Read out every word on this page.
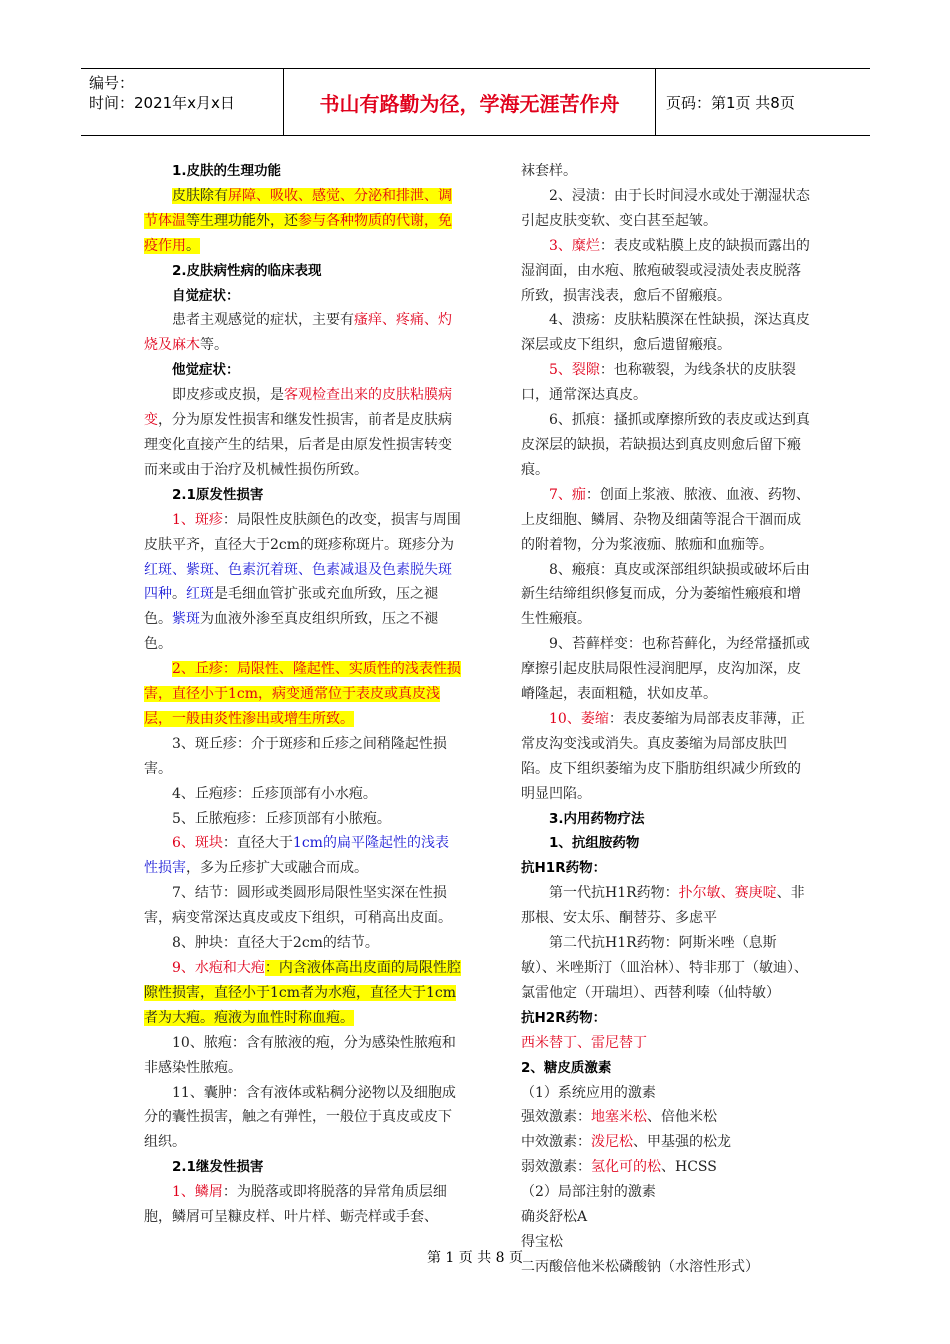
编号：
时间：2021年x月x日	书山有路勤为径，学海无涯苦作舟	页码：第1页 共8页

1.皮肤的生理功能

皮肤除有屏障、吸收、感觉、分泌和排泄、调节体温等生理功能外，还参与各种物质的代谢，免疫作用。

2.皮肤病性病的临床表现

自觉症状：

患者主观感觉的症状，主要有瘙痒、疼痛、灼烧及麻木等。

他觉症状：

即皮疹或皮损，是客观检查出来的皮肤粘膜病变，分为原发性损害和继发性损害，前者是皮肤病理变化直接产生的结果，后者是由原发性损害转变而来或由于治疗及机械性损伤所致。

2.1原发性损害

1、斑疹：局限性皮肤颜色的改变，损害与周围皮肤平齐，直径大于2cm的斑疹称斑片。斑疹分为红斑、紫斑、色素沉着斑、色素减退及色素脱失斑四种。红斑是毛细血管扩张或充血所致，压之褪色。紫斑为血液外渗至真皮组织所致，压之不褪色。

2、丘疹：局限性、隆起性、实质性的浅表性损害，直径小于1cm，病变通常位于表皮或真皮浅层，一般由炎性渗出或增生所致。

3、斑丘疹：介于斑疹和丘疹之间稍隆起性损害。

4、丘疱疹：丘疹顶部有小水疱。

5、丘脓疱疹：丘疹顶部有小脓疱。

6、斑块：直径大于1cm的扁平隆起性的浅表性损害，多为丘疹扩大或融合而成。

7、结节：圆形或类圆形局限性坚实深在性损害，病变常深达真皮或皮下组织，可稍高出皮面。

8、肿块：直径大于2cm的结节。

9、水疱和大疱：内含液体高出皮面的局限性腔隙性损害，直径小于1cm者为水疱，直径大于1cm者为大疱。疱液为血性时称血疱。

10、脓疱：含有脓液的疱，分为感染性脓疱和非感染性脓疱。

11、囊肿：含有液体或粘稠分泌物以及细胞成分的囊性损害，触之有弹性，一般位于真皮或皮下组织。

2.1继发性损害

1、鳞屑：为脱落或即将脱落的异常角质层细胞，鳞屑可呈糠皮样、叶片样、蛎壳样或手套、

袜套样。

2、浸渍：由于长时间浸水或处于潮湿状态引起皮肤变软、变白甚至起皱。

3、糜烂：表皮或粘膜上皮的缺损而露出的湿润面，由水疱、脓疱破裂或浸渍处表皮脱落所致，损害浅表，愈后不留瘢痕。

4、溃疡：皮肤粘膜深在性缺损，深达真皮深层或皮下组织，愈后遗留瘢痕。

5、裂隙：也称皲裂，为线条状的皮肤裂口，通常深达真皮。

6、抓痕：搔抓或摩擦所致的表皮或达到真皮深层的缺损，若缺损达到真皮则愈后留下瘢痕。

7、痂：创面上浆液、脓液、血液、药物、上皮细胞、鳞屑、杂物及细菌等混合干涸而成的附着物，分为浆液痂、脓痂和血痂等。

8、瘢痕：真皮或深部组织缺损或破坏后由新生结缔组织修复而成，分为萎缩性瘢痕和增生性瘢痕。

9、苔藓样变：也称苔藓化，为经常搔抓或摩擦引起皮肤局限性浸润肥厚，皮沟加深，皮嵴隆起，表面粗糙，状如皮革。

10、萎缩：表皮萎缩为局部表皮菲薄，正常皮沟变浅或消失。真皮萎缩为局部皮肤凹陷。皮下组织萎缩为皮下脂肪组织减少所致的明显凹陷。

3.内用药物疗法

1、抗组胺药物

抗H1R药物：

第一代抗H1R药物：扑尔敏、赛庚啶、非那根、安太乐、酮替芬、多虑平

第二代抗H1R药物：阿斯米唑（息斯敏）、米唑斯汀（皿治林）、特非那丁（敏迪）、氯雷他定（开瑞坦）、西替利嗪（仙特敏）

抗H2R药物：

西米替丁、雷尼替丁

2、糖皮质激素

（1）系统应用的激素

强效激素：地塞米松、倍他米松

中效激素：泼尼松、甲基强的松龙

弱效激素：氢化可的松、HCSS

（2）局部注射的激素

确炎舒松A

得宝松

二丙酸倍他米松磷酸钠（水溶性形式）

第 1 页 共 8 页
